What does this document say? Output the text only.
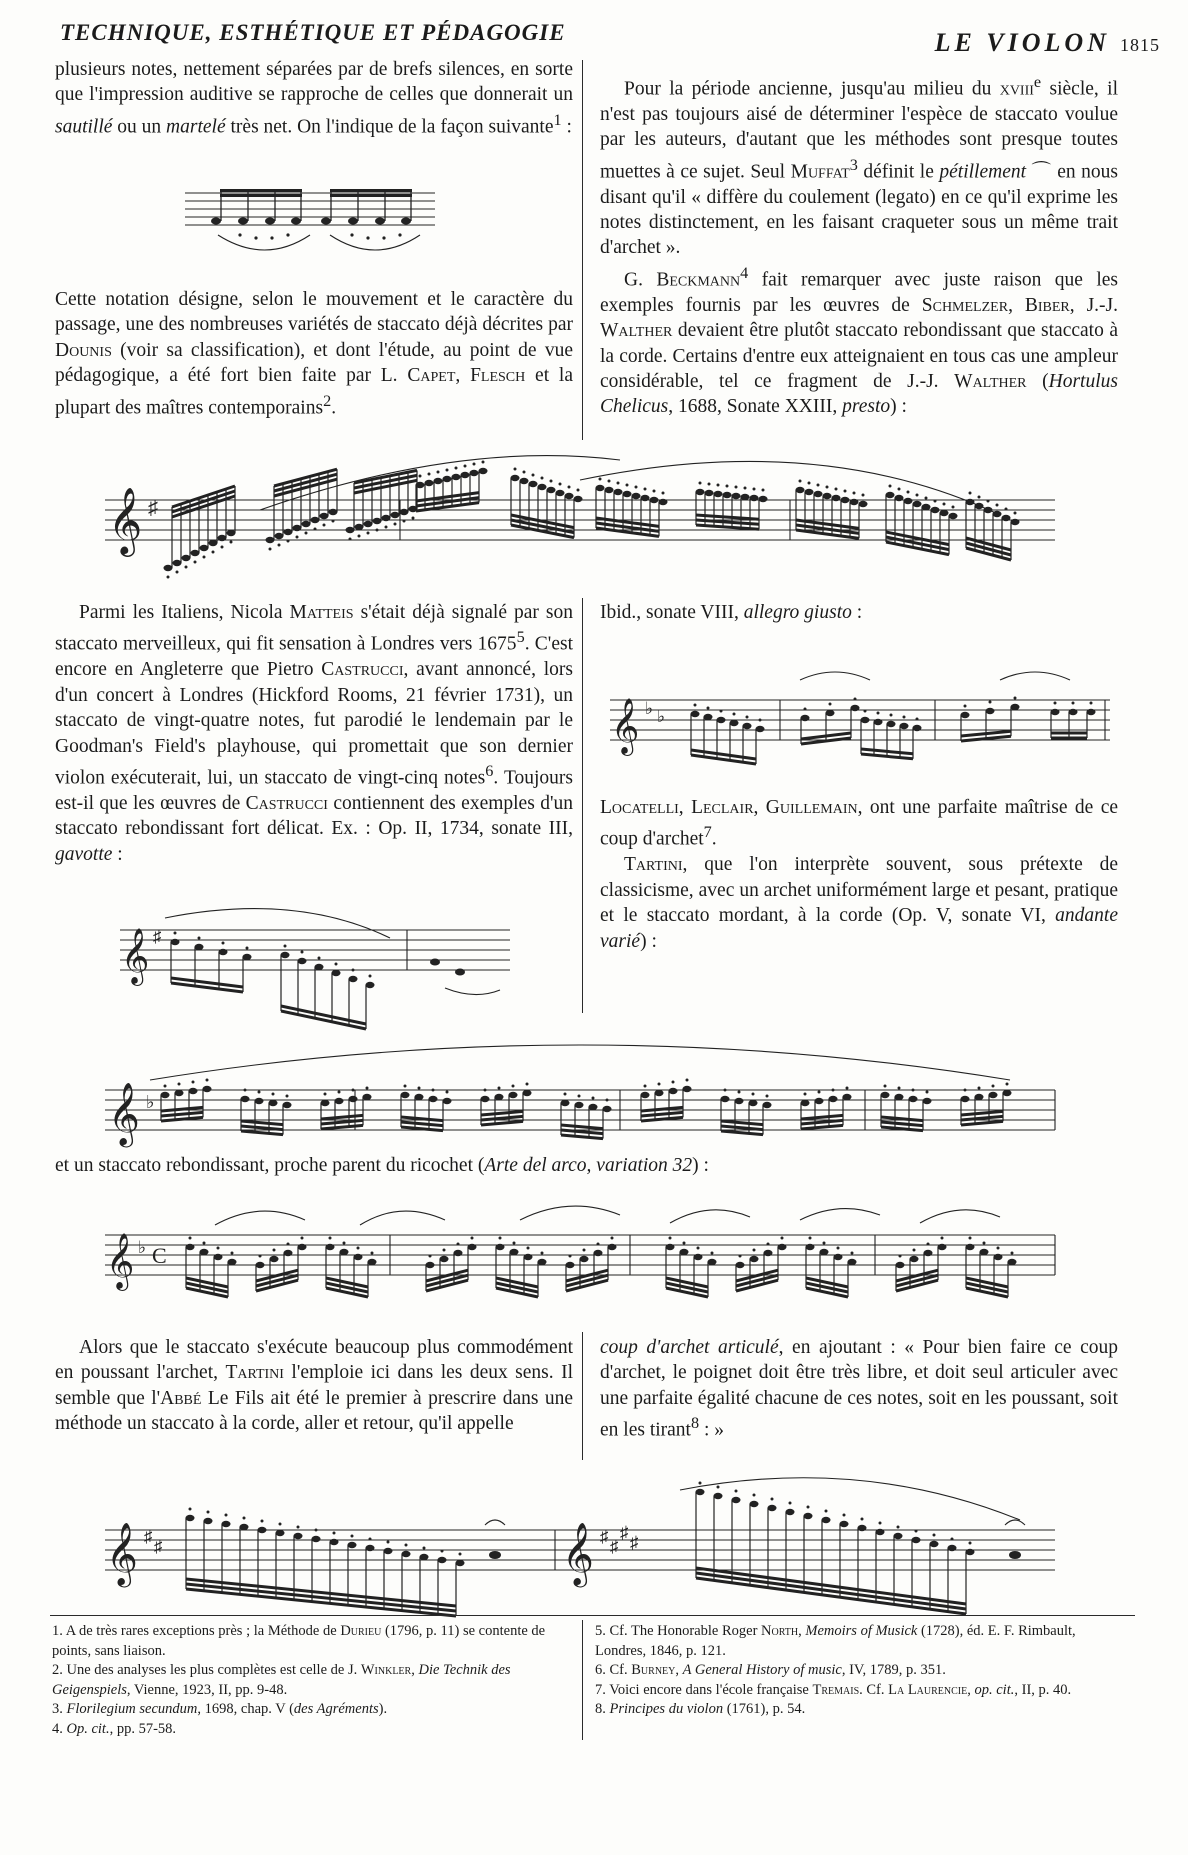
TECHNIQUE, ESTHÉTIQUE ET PÉDAGOGIE	LE VIOLON 1815

plusieurs notes, nettement séparées par de brefs silences, en sorte que l'impression auditive se rapproche de celles que donnerait un sautillé ou un martelé très net. On l'indique de la façon suivante$^1$ :

Cette notation désigne, selon le mouvement et le caractère du passage, une des nombreuses variétés de staccato déjà décrites par Dounis (voir sa classification), et dont l'étude, au point de vue pédagogique, a été fort bien faite par L. Capet, Flesch et la plupart des maîtres contemporains$^2$.

Pour la période ancienne, jusqu'au milieu du xviii$^e$ siècle, il n'est pas toujours aisé de déterminer l'espèce de staccato voulue par les auteurs, d'autant que les méthodes sont presque toutes muettes à ce sujet. Seul Muffat$^3$ définit le pétillement ⌒ en nous disant qu'il « diffère du coulement (legato) en ce qu'il exprime les notes distinctement, en les faisant craqueter sous un même trait d'archet ».

G. Beckmann$^4$ fait remarquer avec juste raison que les exemples fournis par les œuvres de Schmelzer, Biber, J.-J. Walther devaient être plutôt staccato rebondissant que staccato à la corde. Certains d'entre eux atteignaient en tous cas une ampleur considérable, tel ce fragment de J.-J. Walther (Hortulus Chelicus, 1688, Sonate XXIII, presto) :

𝄞 ♯

Parmi les Italiens, Nicola Matteis s'était déjà signalé par son staccato merveilleux, qui fit sensation à Londres vers 1675$^5$. C'est encore en Angleterre que Pietro Castrucci, avant annoncé, lors d'un concert à Londres (Hickford Rooms, 21 février 1731), un staccato de vingt-quatre notes, fut parodié le lendemain par le Goodman's Field's playhouse, qui promettait que son dernier violon exécuterait, lui, un staccato de vingt-cinq notes$^6$. Toujours est-il que les œuvres de Castrucci contiennent des exemples d'un staccato rebondissant fort délicat. Ex. : Op. II, 1734, sonate III, gavotte :

𝄞 ♯

Ibid., sonate VIII, allegro giusto :

𝄞 ♭ ♭

Locatelli, Leclair, Guillemain, ont une parfaite maîtrise de ce coup d'archet$^7$.

Tartini, que l'on interprète souvent, sous prétexte de classicisme, avec un archet uniformément large et pesant, pratique et le staccato mordant, à la corde (Op. V, sonate VI, andante varié) :

𝄞 ♭
et un staccato rebondissant, proche parent du ricochet (Arte del arco, variation 32) :
𝄞 ♭ C

Alors que le staccato s'exécute beaucoup plus commodément en poussant l'archet, Tartini l'emploie ici dans les deux sens. Il semble que l'Abbé Le Fils ait été le premier à prescrire dans une méthode un staccato à la corde, aller et retour, qu'il appelle

coup d'archet articulé, en ajoutant : « Pour bien faire ce coup d'archet, le poignet doit être très libre, et doit seul articuler avec une parfaite égalité chacune de ces notes, soit en les poussant, soit en les tirant$^8$ : »

𝄞 ♯
♯	𝄞 ♯
♯
♯
♯
1. A de très rares exceptions près ; la Méthode de Durieu (1796, p. 11) se contente de points, sans liaison.
2. Une des analyses les plus complètes est celle de J. Winkler, Die Technik des Geigenspiels, Vienne, 1923, II, pp. 9-48.
3. Florilegium secundum, 1698, chap. V (des Agréments).
4. Op. cit., pp. 57-58.
5. Cf. The Honorable Roger North, Memoirs of Musick (1728), éd. E. F. Rimbault, Londres, 1846, p. 121.
6. Cf. Burney, A General History of music, IV, 1789, p. 351.
7. Voici encore dans l'école française Tremais. Cf. La Laurencie, op. cit., II, p. 40.
8. Principes du violon (1761), p. 54.
